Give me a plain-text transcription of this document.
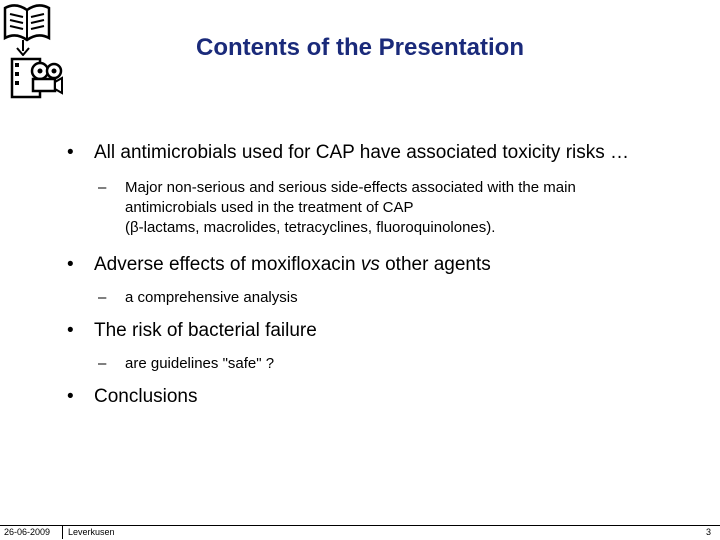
Contents of the Presentation
• All antimicrobials used for CAP have associated toxicity risks …
– Major non-serious and serious side-effects associated with the main
antimicrobials used in the treatment of CAP
(β-lactams, macrolides, tetracyclines, fluoroquinolones).
• Adverse effects of moxifloxacin vs other agents
– a comprehensive analysis
• The risk of bacterial failure
– are guidelines "safe" ?
• Conclusions
26-06-2009 Leverkusen	3
